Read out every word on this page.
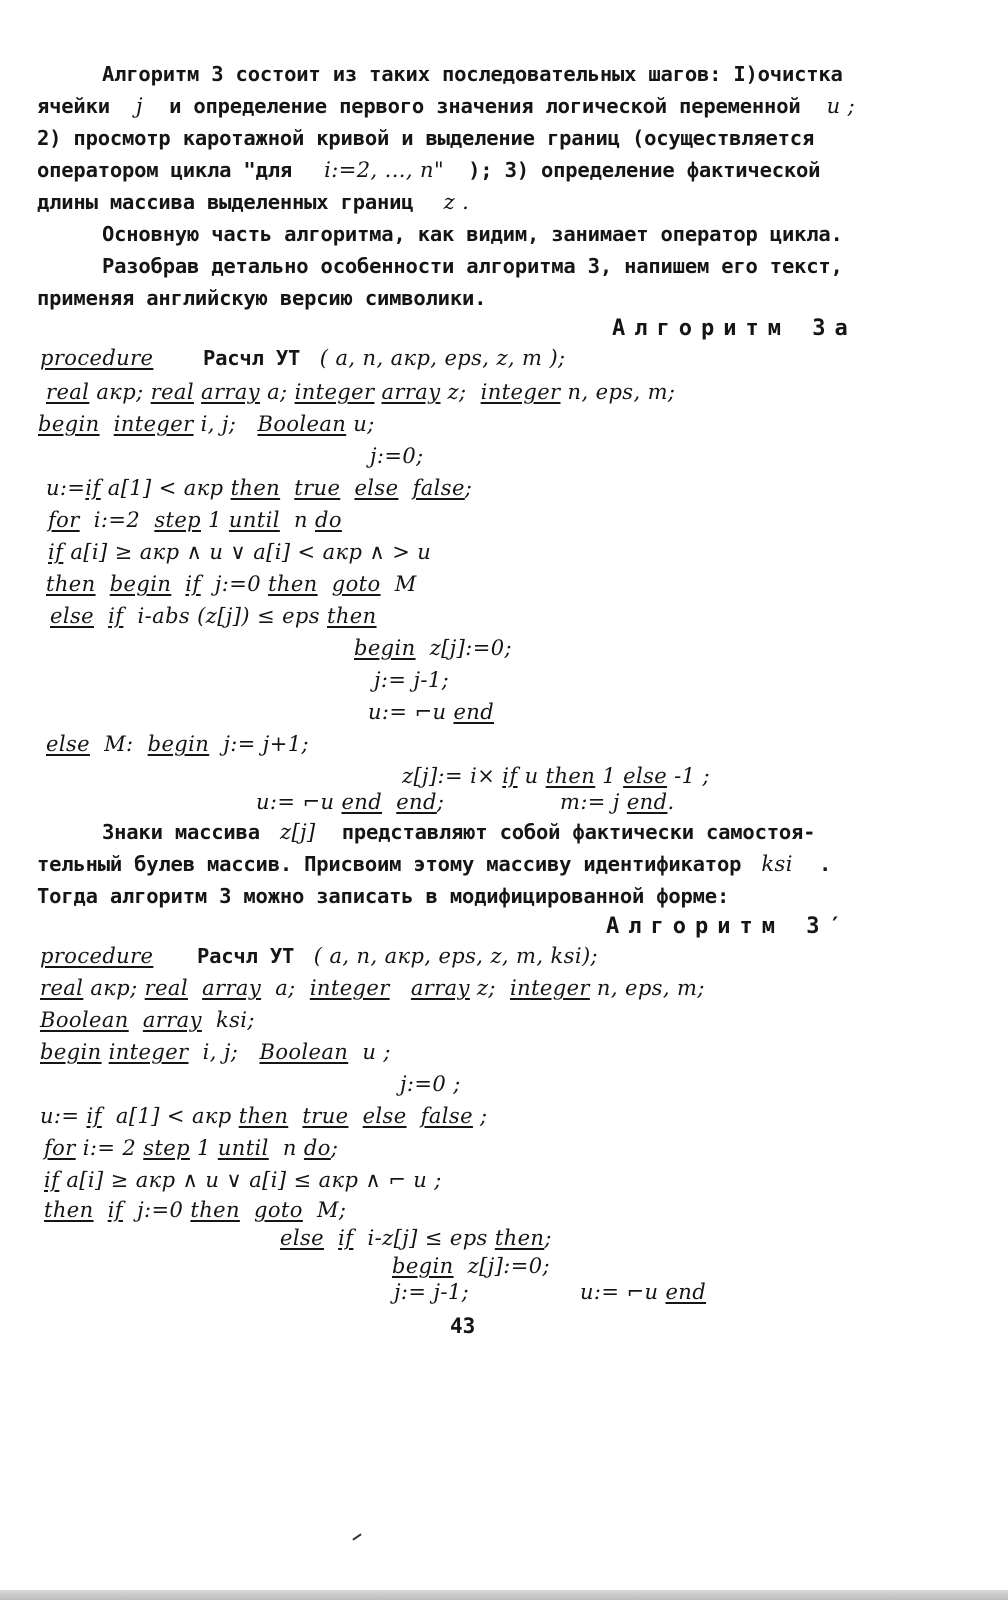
Алгоритм 3 состоит из таких последовательных шагов: I)очистка
ячейки j и определение первого значения логической переменной u ;
2) просмотр каротажной кривой и выделение границ (осуществляется
оператором цикла "для i:=2, ..., n" ); 3) определение фактической
длины массива выделенных границ z .
Основную часть алгоритма, как видим, занимает оператор цикла.
Разобрав детально особенности алгоритма 3, напишем его текст,
применяя английскую версию символики.
Алгоритм 3а
procedure Расчл УТ ( a, n, акр, eps, z, m );
real акр; real array a; integer array z;  integer n, eps, m;
begin integer i, j;   Boolean u;
j:=0;
u:=if a[1] < акр then true else false;
for  i:=2  step 1 until  n do
if a[i] ≥ акр ∧ u ∨ a[i] < акр ∧ > u
then begin if  j:=0 then goto  M
else if  i-abs (z[j]) ≤ eps then
begin  z[j]:=0;
j:= j-1;
u:= ⌐u end
else  M:  begin  j:= j+1;
z[j]:= i× if u then 1 else -1 ;
u:= ⌐u end end;	m:= j end.
Знаки массива z[j] представляют собой фактически самостоя-
тельный булев массив. Присвоим этому массиву идентификатор ksi .
Тогда алгоритм 3 можно записать в модифицированной форме:
Алгоритм 3′
procedure Расчл УТ ( a, n, акр, eps, z, m, ksi);
real акр; real array  a;  integer array z;  integer n, eps, m;
Boolean array  ksi;
begin integer  i, j;   Boolean  u ;
j:=0 ;
u:= if  a[1] < акр then true else false ;
for i:= 2 step 1 until  n do;
if a[i] ≥ акр ∧ u ∨ a[i] ≤ акр ∧ ⌐ u ;
then if  j:=0 then goto  M;
else if  i-z[j] ≤ eps then;
begin  z[j]:=0;
j:= j-1;	u:= ⌐u end
43
